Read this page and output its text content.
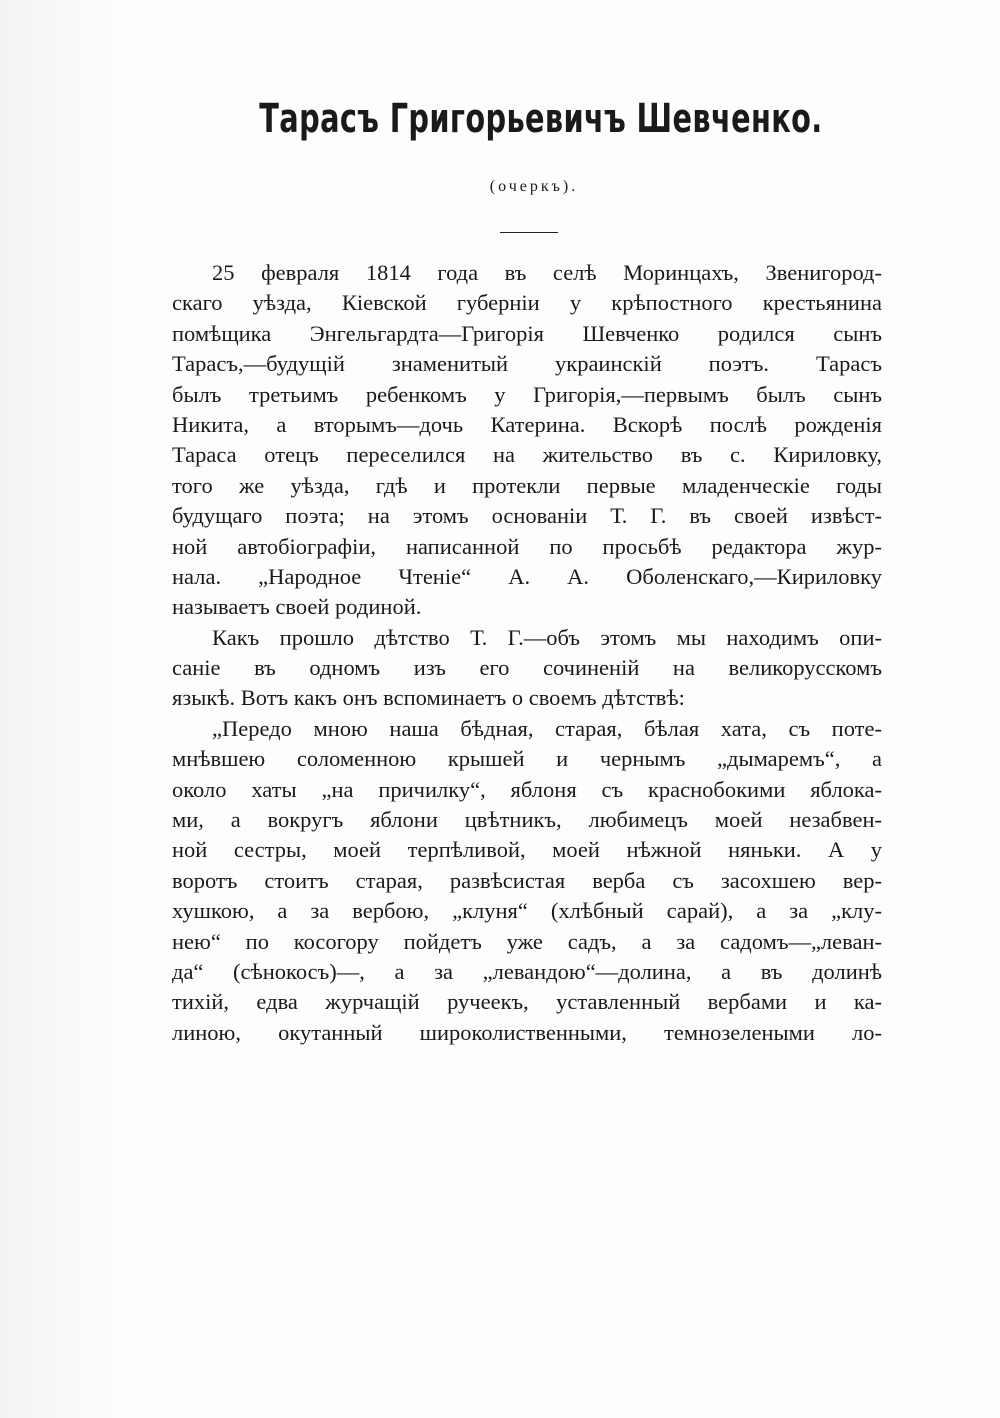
Тарасъ Григорьевичъ Шевченко.
(очеркъ).
25 февраля 1814 года въ селѣ Моринцахъ, Звенигород-
скаго уѣзда, Кіевской губерніи у крѣпостного крестьянина
помѣщика Энгельгардта—Григорія Шевченко родился сынъ
Тарасъ,—будущій знаменитый украинскій поэтъ. Тарасъ
былъ третьимъ ребенкомъ у Григорія,—первымъ былъ сынъ
Никита, а вторымъ—дочь Катерина. Вскорѣ послѣ рожденія
Тараса отецъ переселился на жительство въ с. Кириловку,
того же уѣзда, гдѣ и протекли первые младенческіе годы
будущаго поэта; на этомъ основаніи Т. Г. въ своей извѣст-
ной автобіографіи, написанной по просьбѣ редактора жур-
нала. „Народное Чтеніе“ А. А. Оболенскаго,—Кириловку
называетъ своей родиной.
Какъ прошло дѣтство Т. Г.—объ этомъ мы находимъ опи-
саніе въ одномъ изъ его сочиненій на великорусскомъ
языкѣ. Вотъ какъ онъ вспоминаетъ о своемъ дѣтствѣ:
„Передо мною наша бѣдная, старая, бѣлая хата, съ поте-
мнѣвшею соломенною крышей и чернымъ „дымаремъ“, а
около хаты „на причилку“, яблоня съ краснобокими яблока-
ми, а вокругъ яблони цвѣтникъ, любимецъ моей незабвен-
ной сестры, моей терпѣливой, моей нѣжной няньки. А у
воротъ стоитъ старая, развѣсистая верба съ засохшею вер-
хушкою, а за вербою, „клуня“ (хлѣбный сарай), а за „клу-
нею“ по косогору пойдетъ уже садъ, а за садомъ—„леван-
да“ (сѣнокосъ)—, а за „левандою“—долина, а въ долинѣ
тихій, едва журчащій ручеекъ, уставленный вербами и ка-
линою, окутанный широколиственными, темнозелеными ло-
